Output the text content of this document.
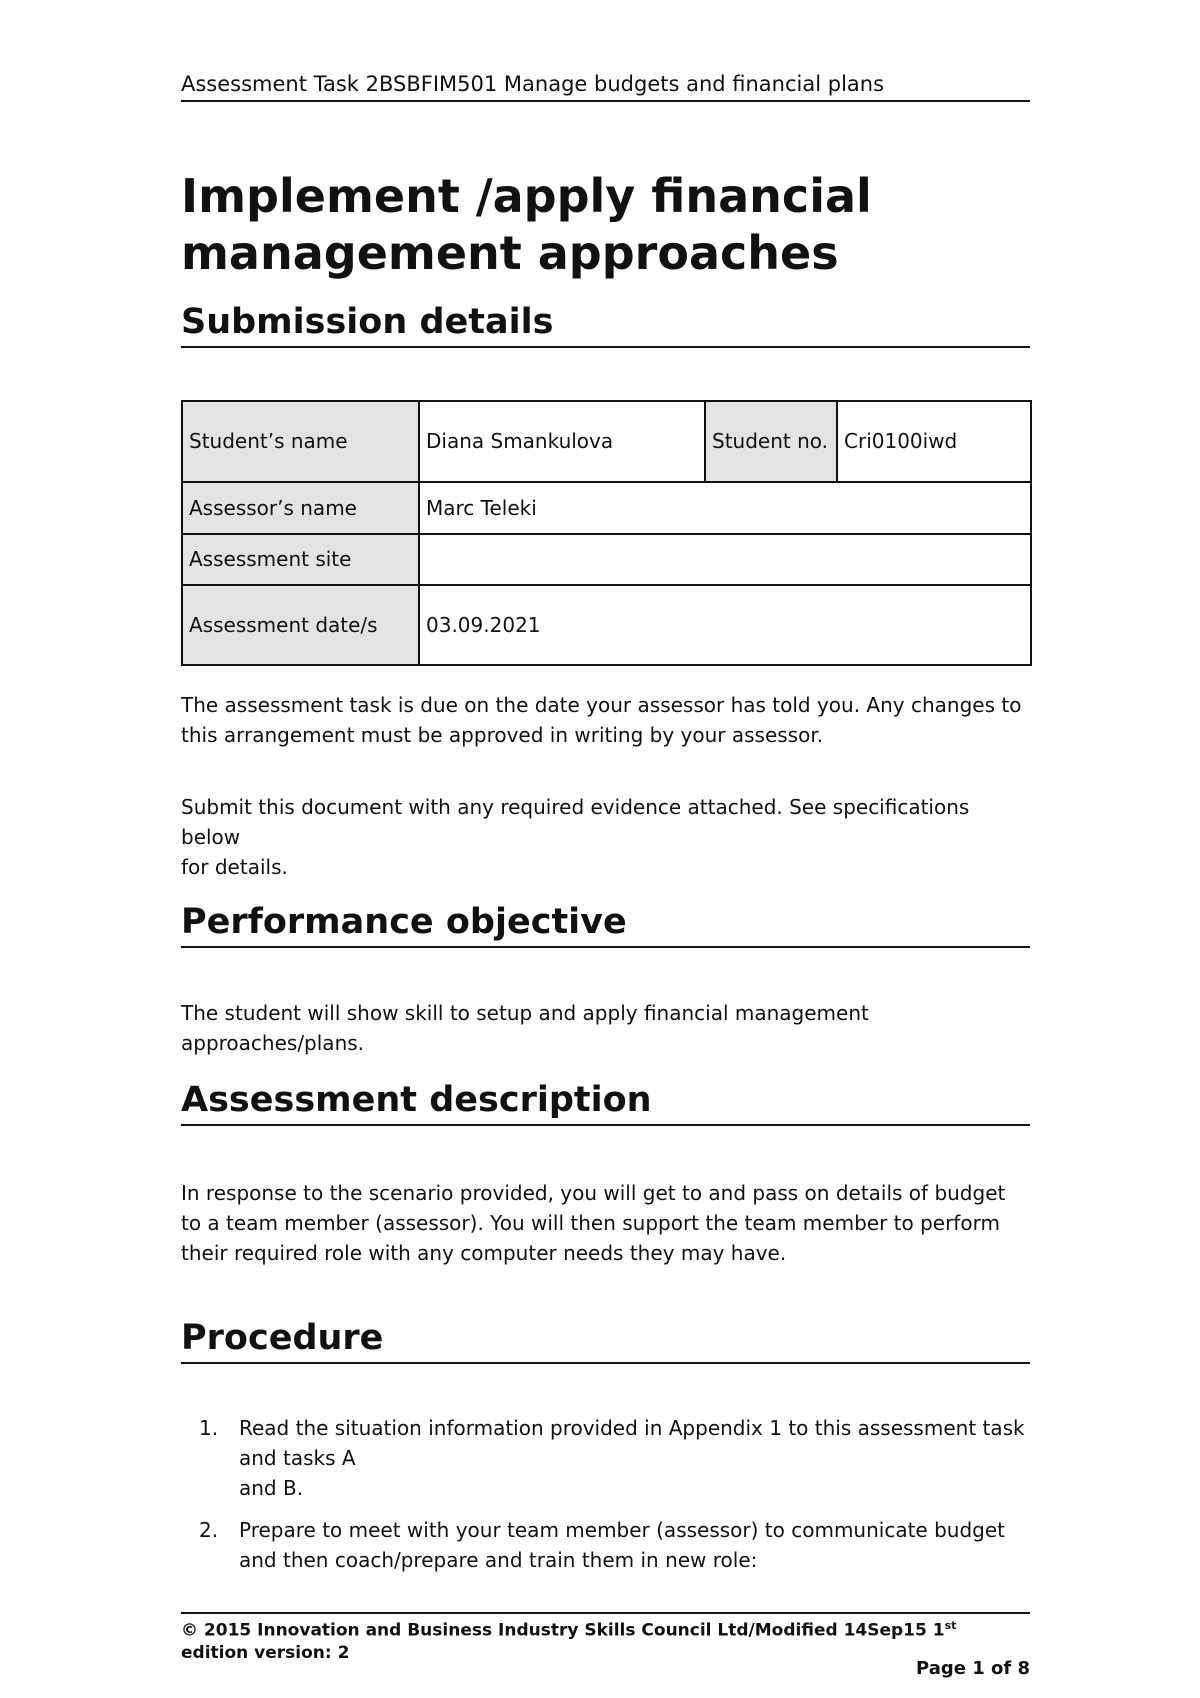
Assessment Task 2BSBFIM501 Manage budgets and financial plans
Implement /apply financial management approaches
Submission details
Student’s name	Diana Smankulova	Student no.	Cri0100iwd
Assessor’s name	Marc Teleki		
Assessment site			
Assessment date/s	03.09.2021		

The assessment task is due on the date your assessor has told you. Any changes to this arrangement must be approved in writing by your assessor.

Submit this document with any required evidence attached. See specifications below
for details.
Performance objective

The student will show skill to setup and apply financial management approaches/plans.

Assessment description

In response to the scenario provided, you will get to and pass on details of budget to a team member (assessor). You will then support the team member to perform their required role with any computer needs they may have.

Procedure
1. Read the situation information provided in Appendix 1 to this assessment task and tasks A
and B.
2. Prepare to meet with your team member (assessor) to communicate budget and then coach/prepare and train them in new role:
© 2015 Innovation and Business Industry Skills Council Ltd/Modified 14Sep15 1st
edition version: 2
Page 1 of 8
